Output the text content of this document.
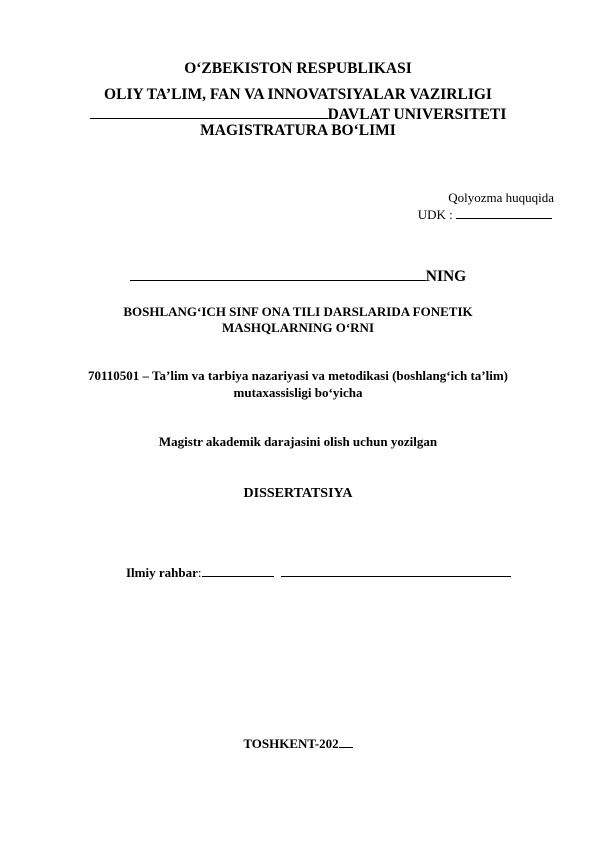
O‘ZBEKISTON RESPUBLIKASI
OLIY TA’LIM, FAN VA INNOVATSIYALAR VAZIRLIGI
DAVLAT UNIVERSITETI
MAGISTRATURA BO‘LIMI
Qolyozma huquqida
UDK :
NING
BOSHLANG‘ICH SINF ONA TILI DARSLARIDA FONETIK
MASHQLARNING O‘RNI
70110501 – Ta’lim va tarbiya nazariyasi va metodikasi (boshlang‘ich ta’lim)
mutaxassisligi bo‘yicha
Magistr akademik darajasini olish uchun yozilgan
DISSERTATSIYA
Ilmiy rahbar:
TOSHKENT-202
